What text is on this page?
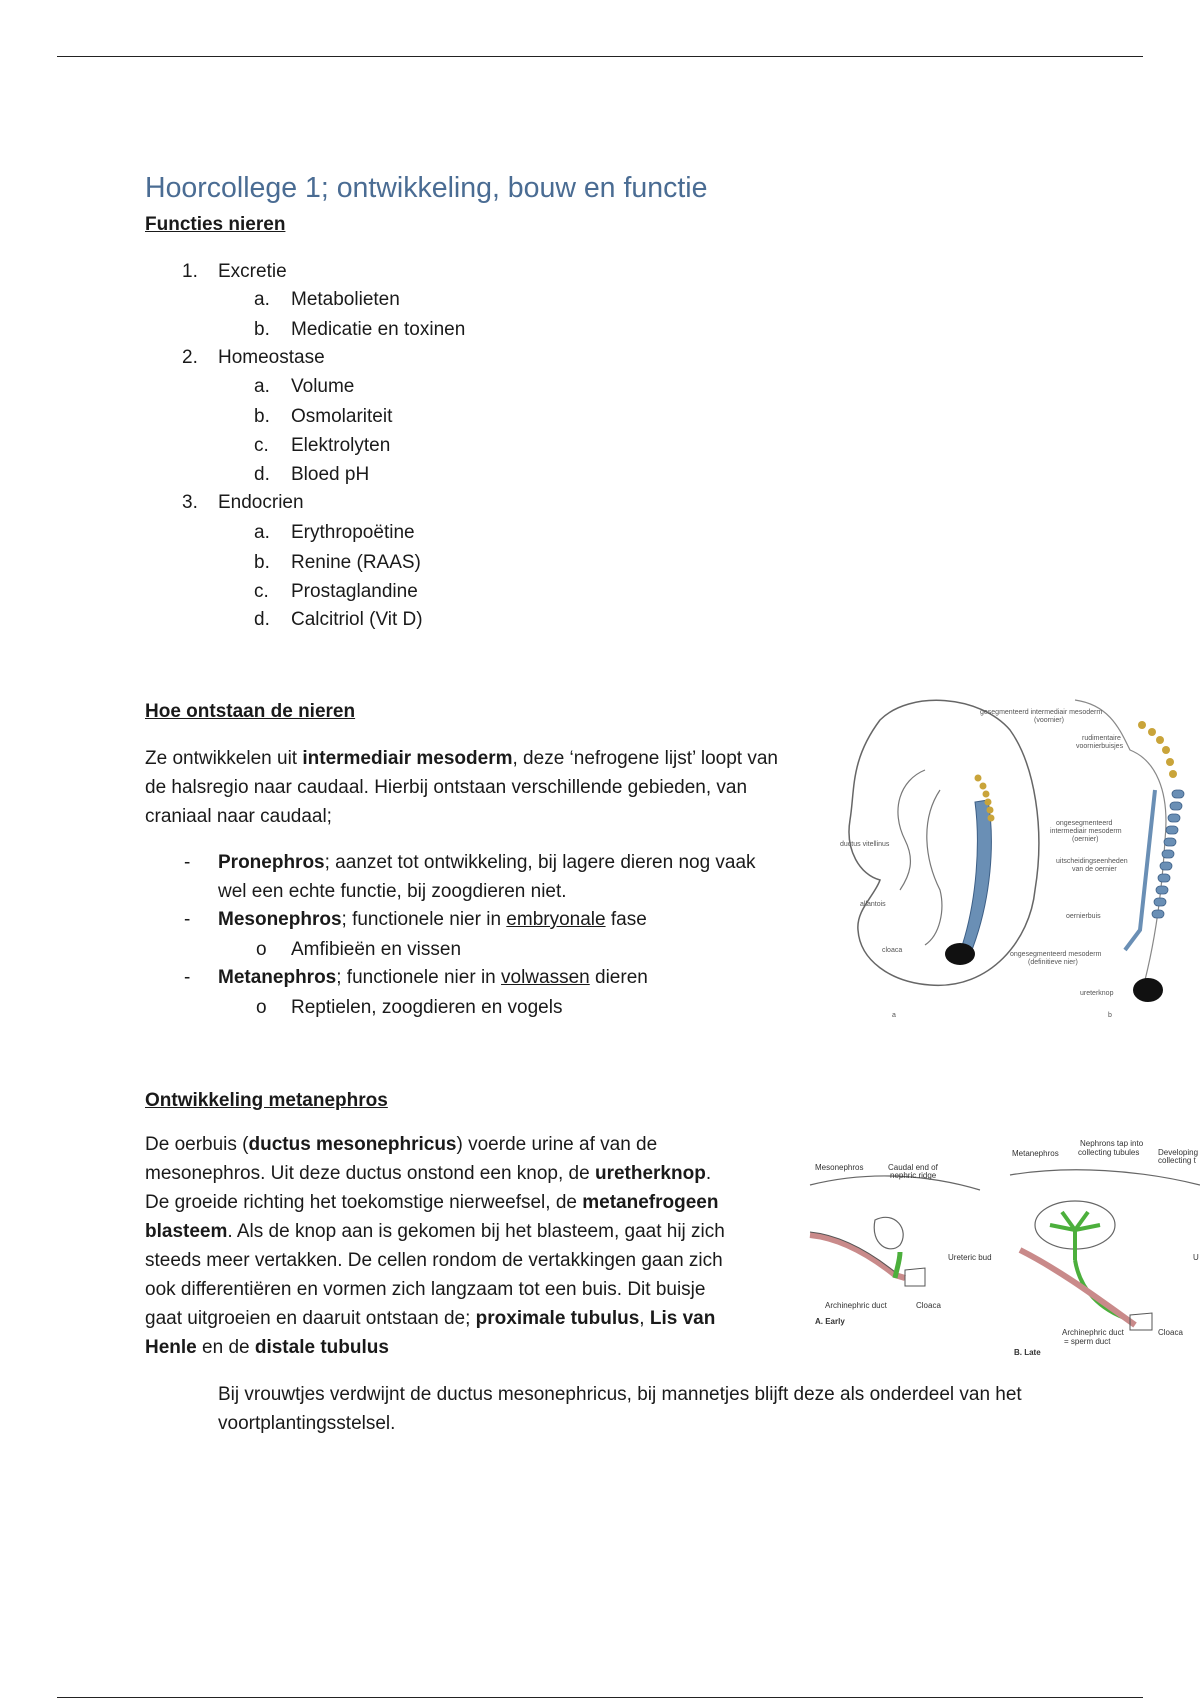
Hoorcollege 1; ontwikkeling, bouw en functie
Functies nieren
1. Excretie
a. Metabolieten
b. Medicatie en toxinen
2. Homeostase
a. Volume
b. Osmolariteit
c. Elektrolyten
d. Bloed pH
3. Endocrien
a. Erythropoëtine
b. Renine (RAAS)
c. Prostaglandine
d. Calcitriol (Vit D)
Hoe ontstaan de nieren

Ze ontwikkelen uit intermediair mesoderm, deze ‘nefrogene lijst’ loopt van de halsregio naar caudaal. Hierbij ontstaan verschillende gebieden, van craniaal naar caudaal;

- Pronephros; aanzet tot ontwikkeling, bij lagere dieren nog vaak
wel een echte functie, bij zoogdieren niet.
- Mesonephros; functionele nier in embryonale fase
o Amfibieën en vissen
- Metanephros; functionele nier in volwassen dieren
o Reptielen, zoogdieren en vogels
ductus vitellinus
allantois
cloaca
gesegmenteerd intermediair mesoderm
(voornier)
rudimentaire
voornierbuisjes
ongesegmenteerd
intermediair mesoderm
(oernier)
uitscheidingseenheden
van de oernier
oernierbuis
ongesegmenteerd mesoderm
(definitieve nier)
ureterknop
a	b
Ontwikkeling metanephros
De oerbuis (ductus mesonephricus) voerde urine af van de
mesonephros. Uit deze ductus onstond een knop, de uretherknop.
De groeide richting het toekomstige nierweefsel, de metanefrogeen
blasteem. Als de knop aan is gekomen bij het blasteem, gaat hij zich
steeds meer vertakken. De cellen rondom de vertakkingen gaan zich
ook differentiëren en vormen zich langzaam tot een buis. Dit buisje
gaat uitgroeien en daaruit ontstaan de; proximale tubulus, Lis van
Henle en de distale tubulus

Bij vrouwtjes verdwijnt de ductus mesonephricus, bij mannetjes blijft deze als onderdeel van het voortplantingsstelsel.

Mesonephros	Caudal end of
nephric ridge
Ureteric bud
Archinephric duct	Cloaca
A. Early
Metanephros
Nephrons tap into
collecting tubules Developing
collecting t
U
Archinephric duct
= sperm duct
Cloaca
B. Late
